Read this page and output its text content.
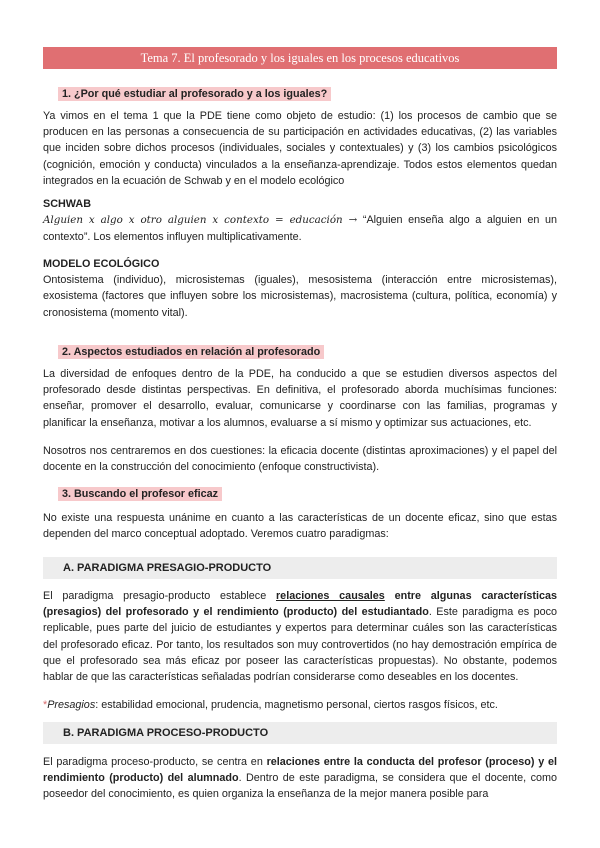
Tema 7. El profesorado y los iguales en los procesos educativos
1. ¿Por qué estudiar al profesorado y a los iguales?

Ya vimos en el tema 1 que la PDE tiene como objeto de estudio: (1) los procesos de cambio que se producen en las personas a consecuencia de su participación en actividades educativas, (2) las variables que inciden sobre dichos procesos (individuales, sociales y contextuales) y (3) los cambios psicológicos (cognición, emoción y conducta) vinculados a la enseñanza-aprendizaje. Todos estos elementos quedan integrados en la ecuación de Schwab y en el modelo ecológico

SCHWAB

Alguien x algo x otro alguien x contexto = educación → “Alguien enseña algo a alguien en un contexto”. Los elementos influyen multiplicativamente.

MODELO ECOLÓGICO

Ontosistema (individuo), microsistemas (iguales), mesosistema (interacción entre microsistemas), exosistema (factores que influyen sobre los microsistemas), macrosistema (cultura, política, economía) y cronosistema (momento vital).

2. Aspectos estudiados en relación al profesorado

La diversidad de enfoques dentro de la PDE, ha conducido a que se estudien diversos aspectos del profesorado desde distintas perspectivas. En definitiva, el profesorado aborda muchísimas funciones: enseñar, promover el desarrollo, evaluar, comunicarse y coordinarse con las familias, programas y planificar la enseñanza, motivar a los alumnos, evaluarse a sí mismo y optimizar sus actuaciones, etc.

Nosotros nos centraremos en dos cuestiones: la eficacia docente (distintas aproximaciones) y el papel del docente en la construcción del conocimiento (enfoque constructivista).

3. Buscando el profesor eficaz

No existe una respuesta unánime en cuanto a las características de un docente eficaz, sino que estas dependen del marco conceptual adoptado. Veremos cuatro paradigmas:

A. PARADIGMA PRESAGIO-PRODUCTO

El paradigma presagio-producto establece relaciones causales entre algunas características (presagios) del profesorado y el rendimiento (producto) del estudiantado. Este paradigma es poco replicable, pues parte del juicio de estudiantes y expertos para determinar cuáles son las características del profesorado eficaz. Por tanto, los resultados son muy controvertidos (no hay demostración empírica de que el profesorado sea más eficaz por poseer las características propuestas). No obstante, podemos hablar de que las características señaladas podrían considerarse como deseables en los docentes.

*Presagios: estabilidad emocional, prudencia, magnetismo personal, ciertos rasgos físicos, etc.

B. PARADIGMA PROCESO-PRODUCTO

El paradigma proceso-producto, se centra en relaciones entre la conducta del profesor (proceso) y el rendimiento (producto) del alumnado. Dentro de este paradigma, se considera que el docente, como poseedor del conocimiento, es quien organiza la enseñanza de la mejor manera posible para
